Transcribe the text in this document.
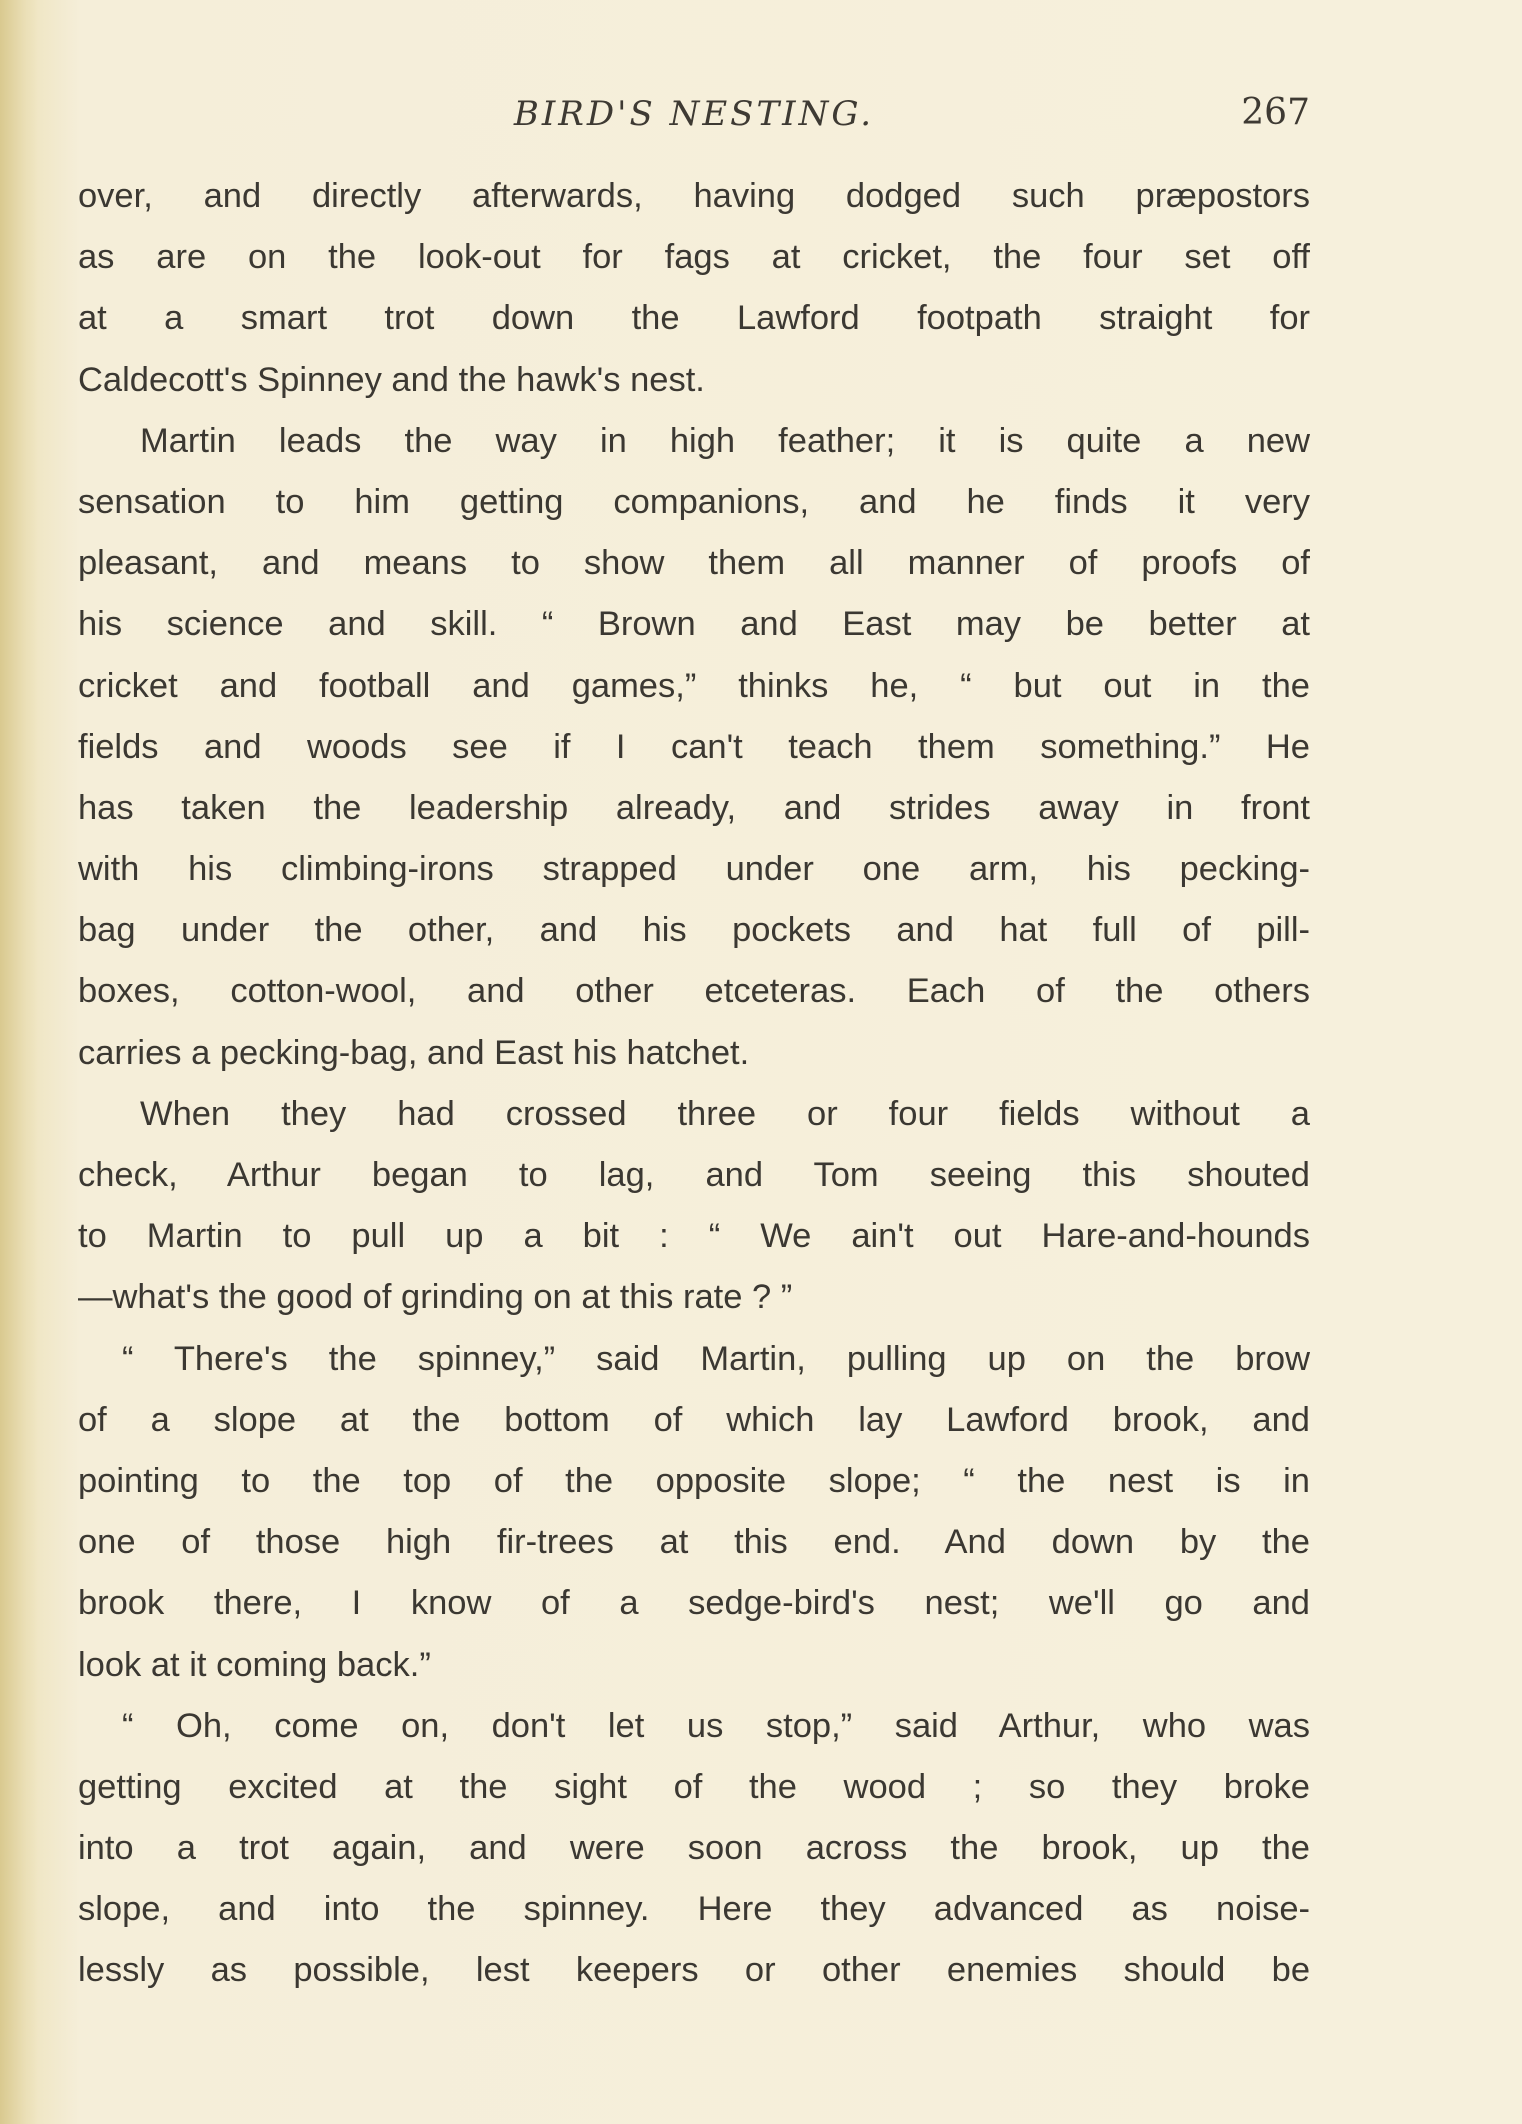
BIRD'S NESTING.	267
over, and directly afterwards, having dodged such præpostors
as are on the look-out for fags at cricket, the four set off
at a smart trot down the Lawford footpath straight for
Caldecott's Spinney and the hawk's nest.
Martin leads the way in high feather; it is quite a new
sensation to him getting companions, and he finds it very
pleasant, and means to show them all manner of proofs of
his science and skill. “ Brown and East may be better at
cricket and football and games,” thinks he, “ but out in the
fields and woods see if I can't teach them something.” He
has taken the leadership already, and strides away in front
with his climbing-irons strapped under one arm, his pecking-
bag under the other, and his pockets and hat full of pill-
boxes, cotton-wool, and other etceteras. Each of the others
carries a pecking-bag, and East his hatchet.
When they had crossed three or four fields without a
check, Arthur began to lag, and Tom seeing this shouted
to Martin to pull up a bit : “ We ain't out Hare-and-hounds
—what's the good of grinding on at this rate ? ”
“ There's the spinney,” said Martin, pulling up on the brow
of a slope at the bottom of which lay Lawford brook, and
pointing to the top of the opposite slope; “ the nest is in
one of those high fir-trees at this end. And down by the
brook there, I know of a sedge-bird's nest; we'll go and
look at it coming back.”
“ Oh, come on, don't let us stop,” said Arthur, who was
getting excited at the sight of the wood ; so they broke
into a trot again, and were soon across the brook, up the
slope, and into the spinney. Here they advanced as noise-
lessly as possible, lest keepers or other enemies should be
